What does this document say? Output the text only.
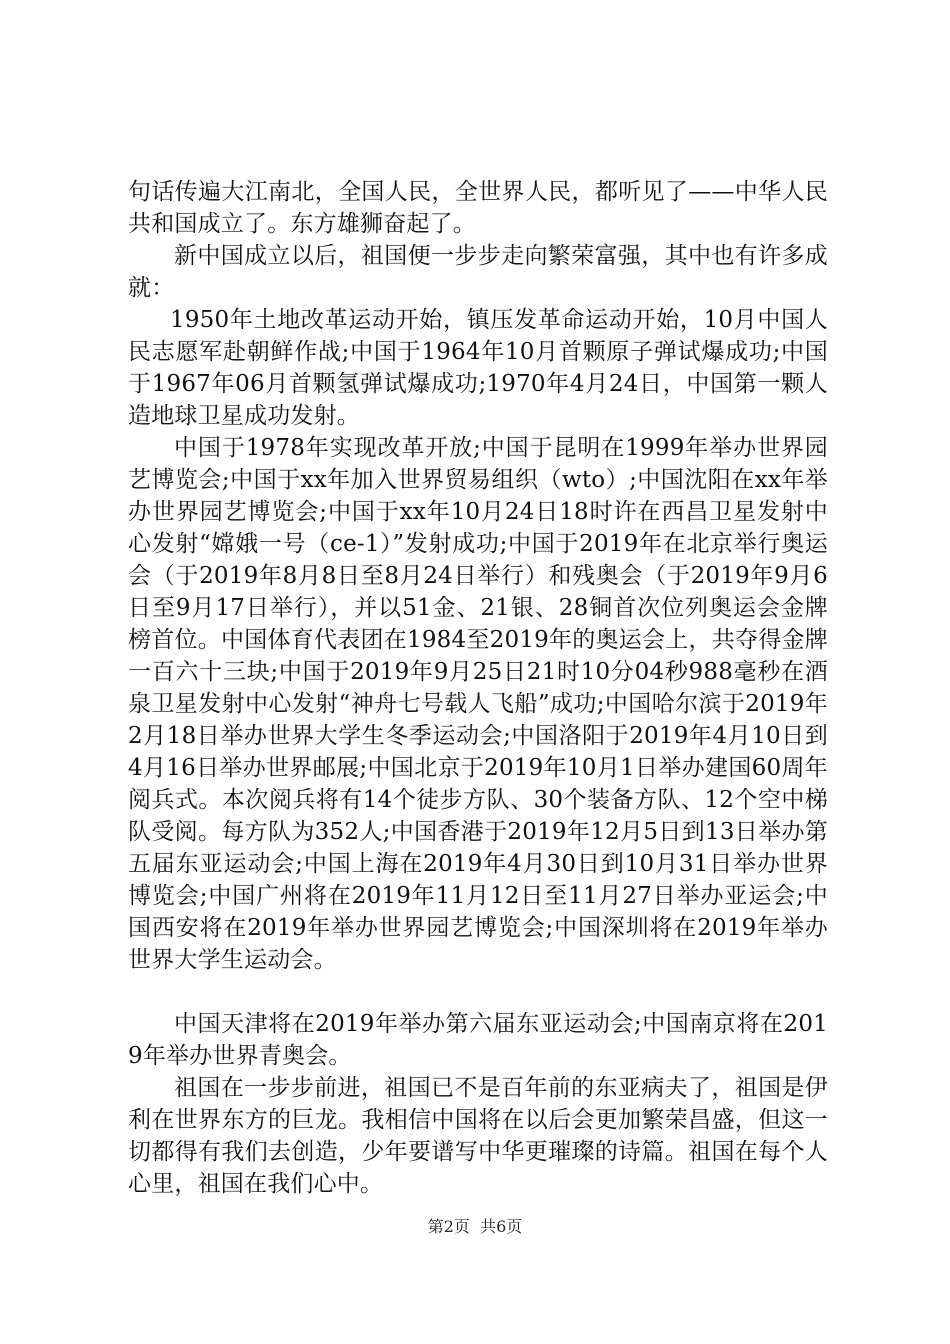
句话传遍大江南北，全国人民，全世界人民，都听见了——中华人民共和国成立了。东方雄狮奋起了。

新中国成立以后，祖国便一步步走向繁荣富强，其中也有许多成就：

1950年土地改革运动开始，镇压发革命运动开始，10月中国人民志愿军赴朝鲜作战;中国于1964年10月首颗原子弹试爆成功;中国于1967年06月首颗氢弹试爆成功;1970年4月24日，中国第一颗人造地球卫星成功发射。

中国于1978年实现改革开放;中国于昆明在1999年举办世界园艺博览会;中国于xx年加入世界贸易组织（wto）;中国沈阳在xx年举办世界园艺博览会;中国于xx年10月24日18时许在西昌卫星发射中心发射“嫦娥一号（ce-1）”发射成功;中国于2019年在北京举行奥运会（于2019年8月8日至8月24日举行）和残奥会（于2019年9月6日至9月17日举行），并以51金、21银、28铜首次位列奥运会金牌榜首位。中国体育代表团在1984至2019年的奥运会上，共夺得金牌一百六十三块;中国于2019年9月25日21时10分04秒988毫秒在酒泉卫星发射中心发射“神舟七号载人飞船”成功;中国哈尔滨于2019年2月18日举办世界大学生冬季运动会;中国洛阳于2019年4月10日到4月16日举办世界邮展;中国北京于2019年10月1日举办建国60周年阅兵式。本次阅兵将有14个徒步方队、30个装备方队、12个空中梯队受阅。每方队为352人;中国香港于2019年12月5日到13日举办第五届东亚运动会;中国上海在2019年4月30日到10月31日举办世界博览会;中国广州将在2019年11月12日至11月27日举办亚运会;中国西安将在2019年举办世界园艺博览会;中国深圳将在2019年举办世界大学生运动会。

中国天津将在2019年举办第六届东亚运动会;中国南京将在2019年举办世界青奥会。

祖国在一步步前进，祖国已不是百年前的东亚病夫了，祖国是伊利在世界东方的巨龙。我相信中国将在以后会更加繁荣昌盛，但这一切都得有我们去创造，少年要谱写中华更璀璨的诗篇。祖国在每个人心里，祖国在我们心中。

第2页  共6页
